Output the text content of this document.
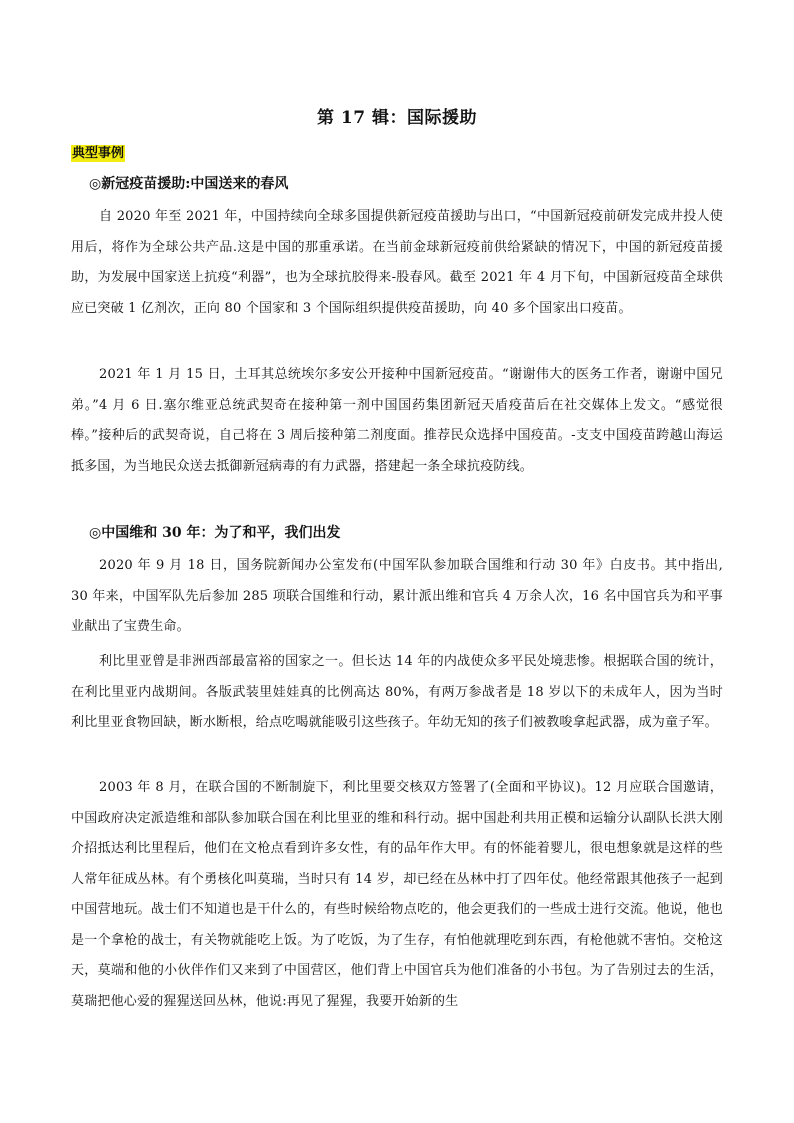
第 17 辑：国际援助
典型事例
◎新冠疫苗援助:中国送来的春风

自 2020 年至 2021 年，中国持续向全球多国提供新冠疫苗援助与出口，“中国新冠疫前研发完成井投人使用后，将作为全球公共产品.这是中国的那重承诺。在当前金球新冠疫前供给紧缺的情况下，中国的新冠疫苗援助，为发展中国家送上抗疫“利器”，也为全球抗胶得来-股春风。截至 2021 年 4 月下旬，中国新冠疫苗全球供应已突破 1 亿剂次，正向 80 个国家和 3 个国际组织提供疫苗援助，向 40 多个国家出口疫苗。

2021 年 1 月 15 日，土耳其总统埃尔多安公开接种中国新冠疫苗。“谢谢伟大的医务工作者，谢谢中国兄弟。”4 月 6 日.塞尔维亚总统武契奇在接种第一剂中国国药集团新冠天盾疫苗后在社交媒体上发文。“感觉很棒。”接种后的武契奇说，自己将在 3 周后接种第二剂度面。推荐民众选择中国疫苗。-支支中国疫苗跨越山海运抵多国，为当地民众送去抵御新冠病毒的有力武器，搭建起一条全球抗疫防线。

◎中国维和 30 年：为了和平，我们出发

2020 年 9 月 18 日，国务院新闻办公室发布(中国军队参加联合国维和行动 30 年》白皮书。其中指出, 30 年来，中国军队先后参加 285 项联合国维和行动，累计派出维和官兵 4 万余人次，16 名中国官兵为和平事业献出了宝费生命。

利比里亚曾是非洲西部最富裕的国家之一。但长达 14 年的内战使众多平民处境悲惨。根据联合国的统计，在利比里亚内战期间。各版武装里娃娃真的比例高达 80%，有两万参战者是 18 岁以下的未成年人，因为当时利比里亚食物回缺，断水断根，给点吃喝就能吸引这些孩子。年幼无知的孩子们被教唆拿起武器，成为童子军。

2003 年 8 月，在联合国的不断制旋下，利比里要交核双方签署了(全面和平协议)。12 月应联合国邀请，中国政府决定派造维和部队参加联合国在利比里亚的维和科行动。据中国赴利共用正模和运输分认副队长洪大刚介招抵达利比里程后，他们在文枪点看到许多女性，有的品年作大甲。有的怀能着婴儿，很电想象就是这样的些人常年征成丛林。有个勇核化叫莫瑞，当时只有 14 岁，却已经在丛林中打了四年仗。他经常跟其他孩子一起到中国营地玩。战士们不知道也是干什么的，有些时候给物点吃的，他会更我们的一些成士进行交流。他说，他也是一个拿枪的战士，有关物就能吃上饭。为了吃饭，为了生存，有怕他就理吃到东西，有枪他就不害怕。交枪这天，莫端和他的小伙伴作们又来到了中国营区，他们背上中国官兵为他们准备的小书包。为了告别过去的生活，莫瑞把他心爱的猩猩送回丛林，他说:再见了猩猩，我要开始新的生
